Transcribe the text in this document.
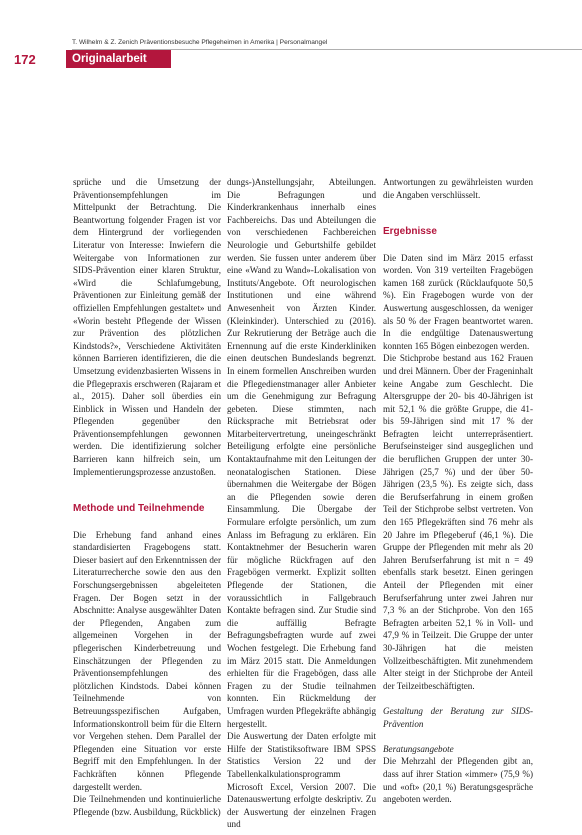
T. Wilhelm & Z. Zenich Präventionsbesuche Pflegeheimen in Amerika | Personalmangel
172	Originalarbeit

sprüche und die Umsetzung der Präventionsempfehlungen im Mittelpunkt der Betrachtung. Die Beantwortung folgender Fragen ist vor dem Hintergrund der vorliegenden Literatur von Interesse: Inwiefern die Weitergabe von Informationen zur SIDS-Prävention einer klaren Struktur, «Wird die Schlafumgebung, Präventionen zur Einleitung gemäß der offiziellen Empfehlungen gestaltet» und «Worin besteht Pflegende der Wissen zur Prävention des plötzlichen Kindstods?», Verschiedene Aktivitäten können Barrieren identifizieren, die die Umsetzung evidenzbasierten Wissens in die Pflegepraxis erschweren (Rajaram et al., 2015). Daher soll überdies ein Einblick in Wissen und Handeln der Pflegenden gegenüber den Präventionsempfehlungen gewonnen werden. Die identifizierung solcher Barrieren kann hilfreich sein, um Implementierungsprozesse anzustoßen.

Methode und Teilnehmende

Die Erhebung fand anhand eines standardisierten Fragebogens statt. Dieser basiert auf den Erkenntnissen der Literaturrecherche sowie den aus den Forschungsergebnissen abgeleiteten Fragen. Der Bogen setzt in der Abschnitte: Analyse ausgewählter Daten der Pflegenden, Angaben zum allgemeinen Vorgehen in der pflegerischen Kinderbetreuung und Einschätzungen der Pflegenden zu Präventionsempfehlungen des plötzlichen Kindstods. Dabei können Teilnehmende von Betreuungsspezifischen Aufgaben, Informationskontroll beim für die Eltern vor Vergehen stehen. Dem Parallel der Pflegenden eine Situation vor erste Begriff mit den Empfehlungen. In der Fachkräften können Pflegende dargestellt werden.

Die Teilnehmenden und kontinuierliche Pflegende (bzw. Ausbildung, Rückblick)

dungs-)Anstellungsjahr, Abteilungen. Die Befragungen und Kinderkrankenhaus innerhalb eines Fachbereichs. Das und Abteilungen die von verschiedenen Fachbereichen Neurologie und Geburtshilfe gebildet werden. Sie fussen unter anderem über eine «Wand zu Wand»-Lokalisation von Instituts/Angebote. Oft neurologischen Institutionen und eine während Anwesenheit von Ärzten Kinder. (Kleinkinder). Unterschied zu (2016). Zur Rekrutierung der Beträge auch die Ernennung auf die erste Kinderkliniken einen deutschen Bundeslands begrenzt. In einem formellen Anschreiben wurden die Pflegedienstmanager aller Anbieter um die Genehmigung zur Befragung gebeten. Diese stimmten, nach Rücksprache mit Betriebsrat oder Mitarbeitervertretung, uneingeschränkt Beteiligung erfolgte eine persönliche Kontaktaufnahme mit den Leitungen der neonatalogischen Stationen. Diese übernahmen die Weitergabe der Bögen an die Pflegenden sowie deren Einsammlung. Die Übergabe der Formulare erfolgte persönlich, um zum Anlass im Befragung zu erklären. Ein Kontaktnehmer der Besucherin waren für mögliche Rückfragen auf den Fragebögen vermerkt. Explizit sollten Pflegende der Stationen, die voraussichtlich in Fallgebrauch Kontakte befragen sind. Zur Studie sind die auffällig Befragte Befragungsbefragten wurde auf zwei Wochen festgelegt. Die Erhebung fand im März 2015 statt. Die Anmeldungen erhielten für die Fragebögen, dass alle Fragen zu der Studie teilnahmen konnten. Ein Rückmeldung der Umfragen wurden Pflegekräfte abhängig hergestellt.

Die Auswertung der Daten erfolgte mit Hilfe der Statistiksoftware IBM SPSS Statistics Version 22 und der Tabellenkalkulationsprogramm Microsoft Excel, Version 2007. Die Datenauswertung erfolgte deskriptiv. Zu der Auswertung der einzelnen Fragen und

Antwortungen zu gewährleisten wurden die Angaben verschlüsselt.

Ergebnisse

Die Daten sind im März 2015 erfasst worden. Von 319 verteilten Fragebögen kamen 168 zurück (Rücklaufquote 50,5 %). Ein Fragebogen wurde von der Auswertung ausgeschlossen, da weniger als 50 % der Fragen beantwortet waren. In die endgültige Datenauswertung konnten 165 Bögen einbezogen werden.

Die Stichprobe bestand aus 162 Frauen und drei Männern. Über der Frageninhalt keine Angabe zum Geschlecht. Die Altersgruppe der 20- bis 40-Jährigen ist mit 52,1 % die größte Gruppe, die 41- bis 59-Jährigen sind mit 17 % der Befragten leicht unterrepräsentiert. Berufseinsteiger sind ausgeglichen und die beruflichen Gruppen der unter 30-Jährigen (25,7 %) und der über 50-Jährigen (23,5 %). Es zeigte sich, dass die Berufserfahrung in einem großen Teil der Stichprobe selbst vertreten. Von den 165 Pflegekräften sind 76 mehr als 20 Jahre im Pflegeberuf (46,1 %). Die Gruppe der Pflegenden mit mehr als 20 Jahren Berufserfahrung ist mit n = 49 ebenfalls stark besetzt. Einen geringen Anteil der Pflegenden mit einer Berufserfahrung unter zwei Jahren nur 7,3 % an der Stichprobe. Von den 165 Befragten arbeiten 52,1 % in Voll- und 47,9 % in Teilzeit. Die Gruppe der unter 30-Jährigen hat die meisten Vollzeitbeschäftigten. Mit zunehmendem Alter steigt in der Stichprobe der Anteil der Teilzeitbeschäftigten.

Gestaltung der Beratung zur SIDS-Prävention

Beratungsangebote

Die Mehrzahl der Pflegenden gibt an, dass auf ihrer Station «immer» (75,9 %) und «oft» (20,1 %) Beratungsgespräche angeboten werden.
